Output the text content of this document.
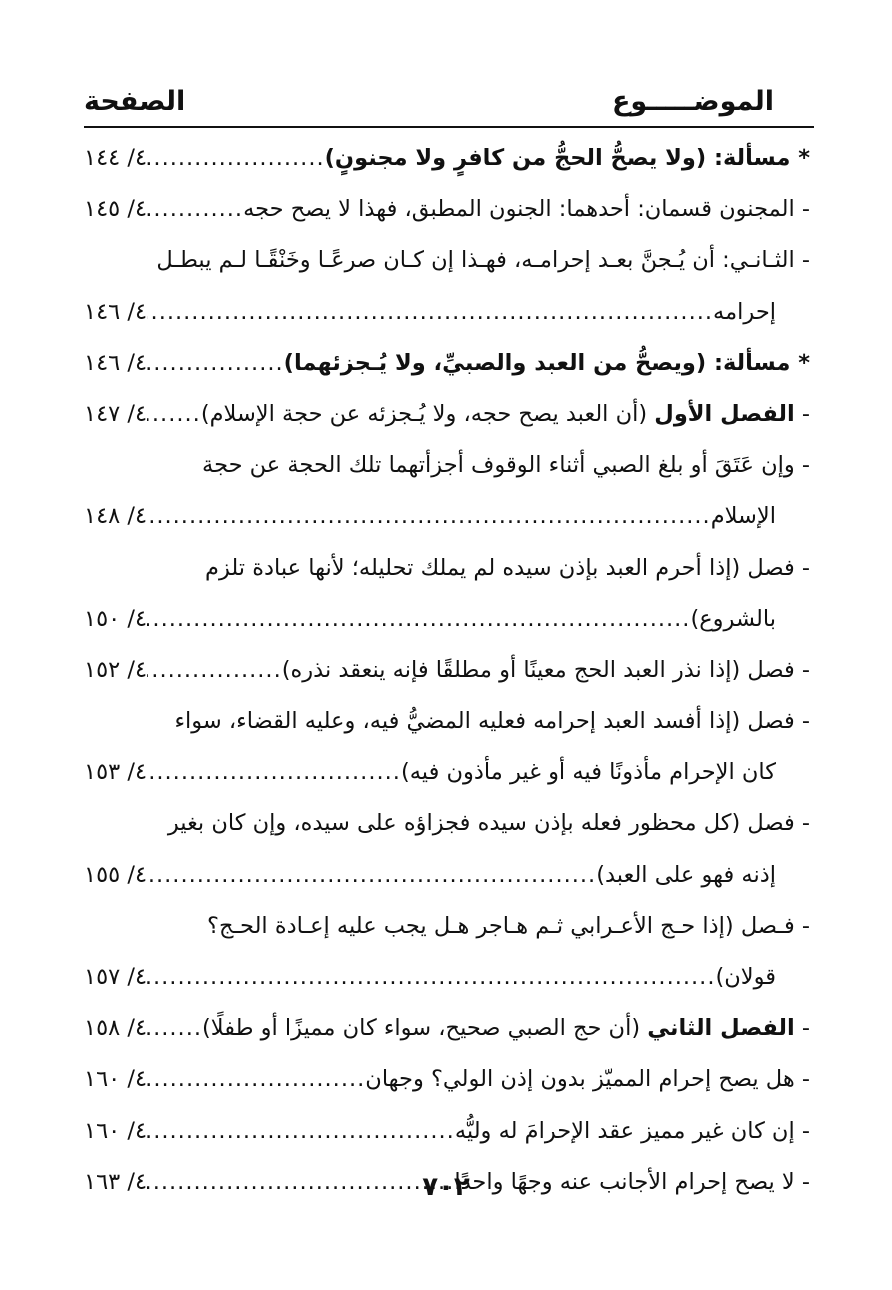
الموضـــــوع
الصفحة
* مسألة: (ولا يصحُّ الحجُّ من كافرٍ ولا مجنونٍ)
.....
٤/ ١٤٤
- المجنون قسمان: أحدهما: الجنون المطبق، فهذا لا يصح حجه
.....
٤/ ١٤٥
- الثـانـي: أن يُـجنَّ بعـد إحرامـه، فهـذا إن كـان صرعًـا وخَنْقًـا لـم يبطـل
إحرامه
.....
٤/ ١٤٦
* مسألة: (ويصحُّ من العبد والصبيِّ، ولا يُـجزئهما)
.....
٤/ ١٤٦
- الفصل الأول (أن العبد يصح حجه، ولا يُـجزئه عن حجة الإسلام)
.....
٤/ ١٤٧
- وإن عَتَقَ أو بلغ الصبي أثناء الوقوف أجزأتهما تلك الحجة عن حجة
الإسلام
.....
٤/ ١٤٨
- فصل (إذا أحرم العبد بإذن سيده لم يملك تحليله؛ لأنها عبادة تلزم
بالشروع)
.....
٤/ ١٥٠
- فصل (إذا نذر العبد الحج معينًا أو مطلقًا فإنه ينعقد نذره)
.....
٤/ ١٥٢
- فصل (إذا أفسد العبد إحرامه فعليه المضيُّ فيه، وعليه القضاء، سواء
كان الإحرام مأذونًا فيه أو غير مأذون فيه)
.....
٤/ ١٥٣
- فصل (كل محظور فعله بإذن سيده فجزاؤه على سيده، وإن كان بغير
إذنه فهو على العبد)
.....
٤/ ١٥٥
- فـصل (إذا حـج الأعـرابي ثـم هـاجر هـل يجب عليه إعـادة الحـج؟
قولان)
.....
٤/ ١٥٧
- الفصل الثاني (أن حج الصبي صحيح، سواء كان مميزًا أو طفلًا)
.....
٤/ ١٥٨
- هل يصح إحرام المميّز بدون إذن الولي؟ وجهان
.....
٤/ ١٦٠
- إن كان غير مميز عقد الإحرامَ له وليُّه
.....
٤/ ١٦٠
- لا يصح إحرام الأجانب عنه وجهًا واحدًا
.....
٤/ ١٦٣	٧٠٢
